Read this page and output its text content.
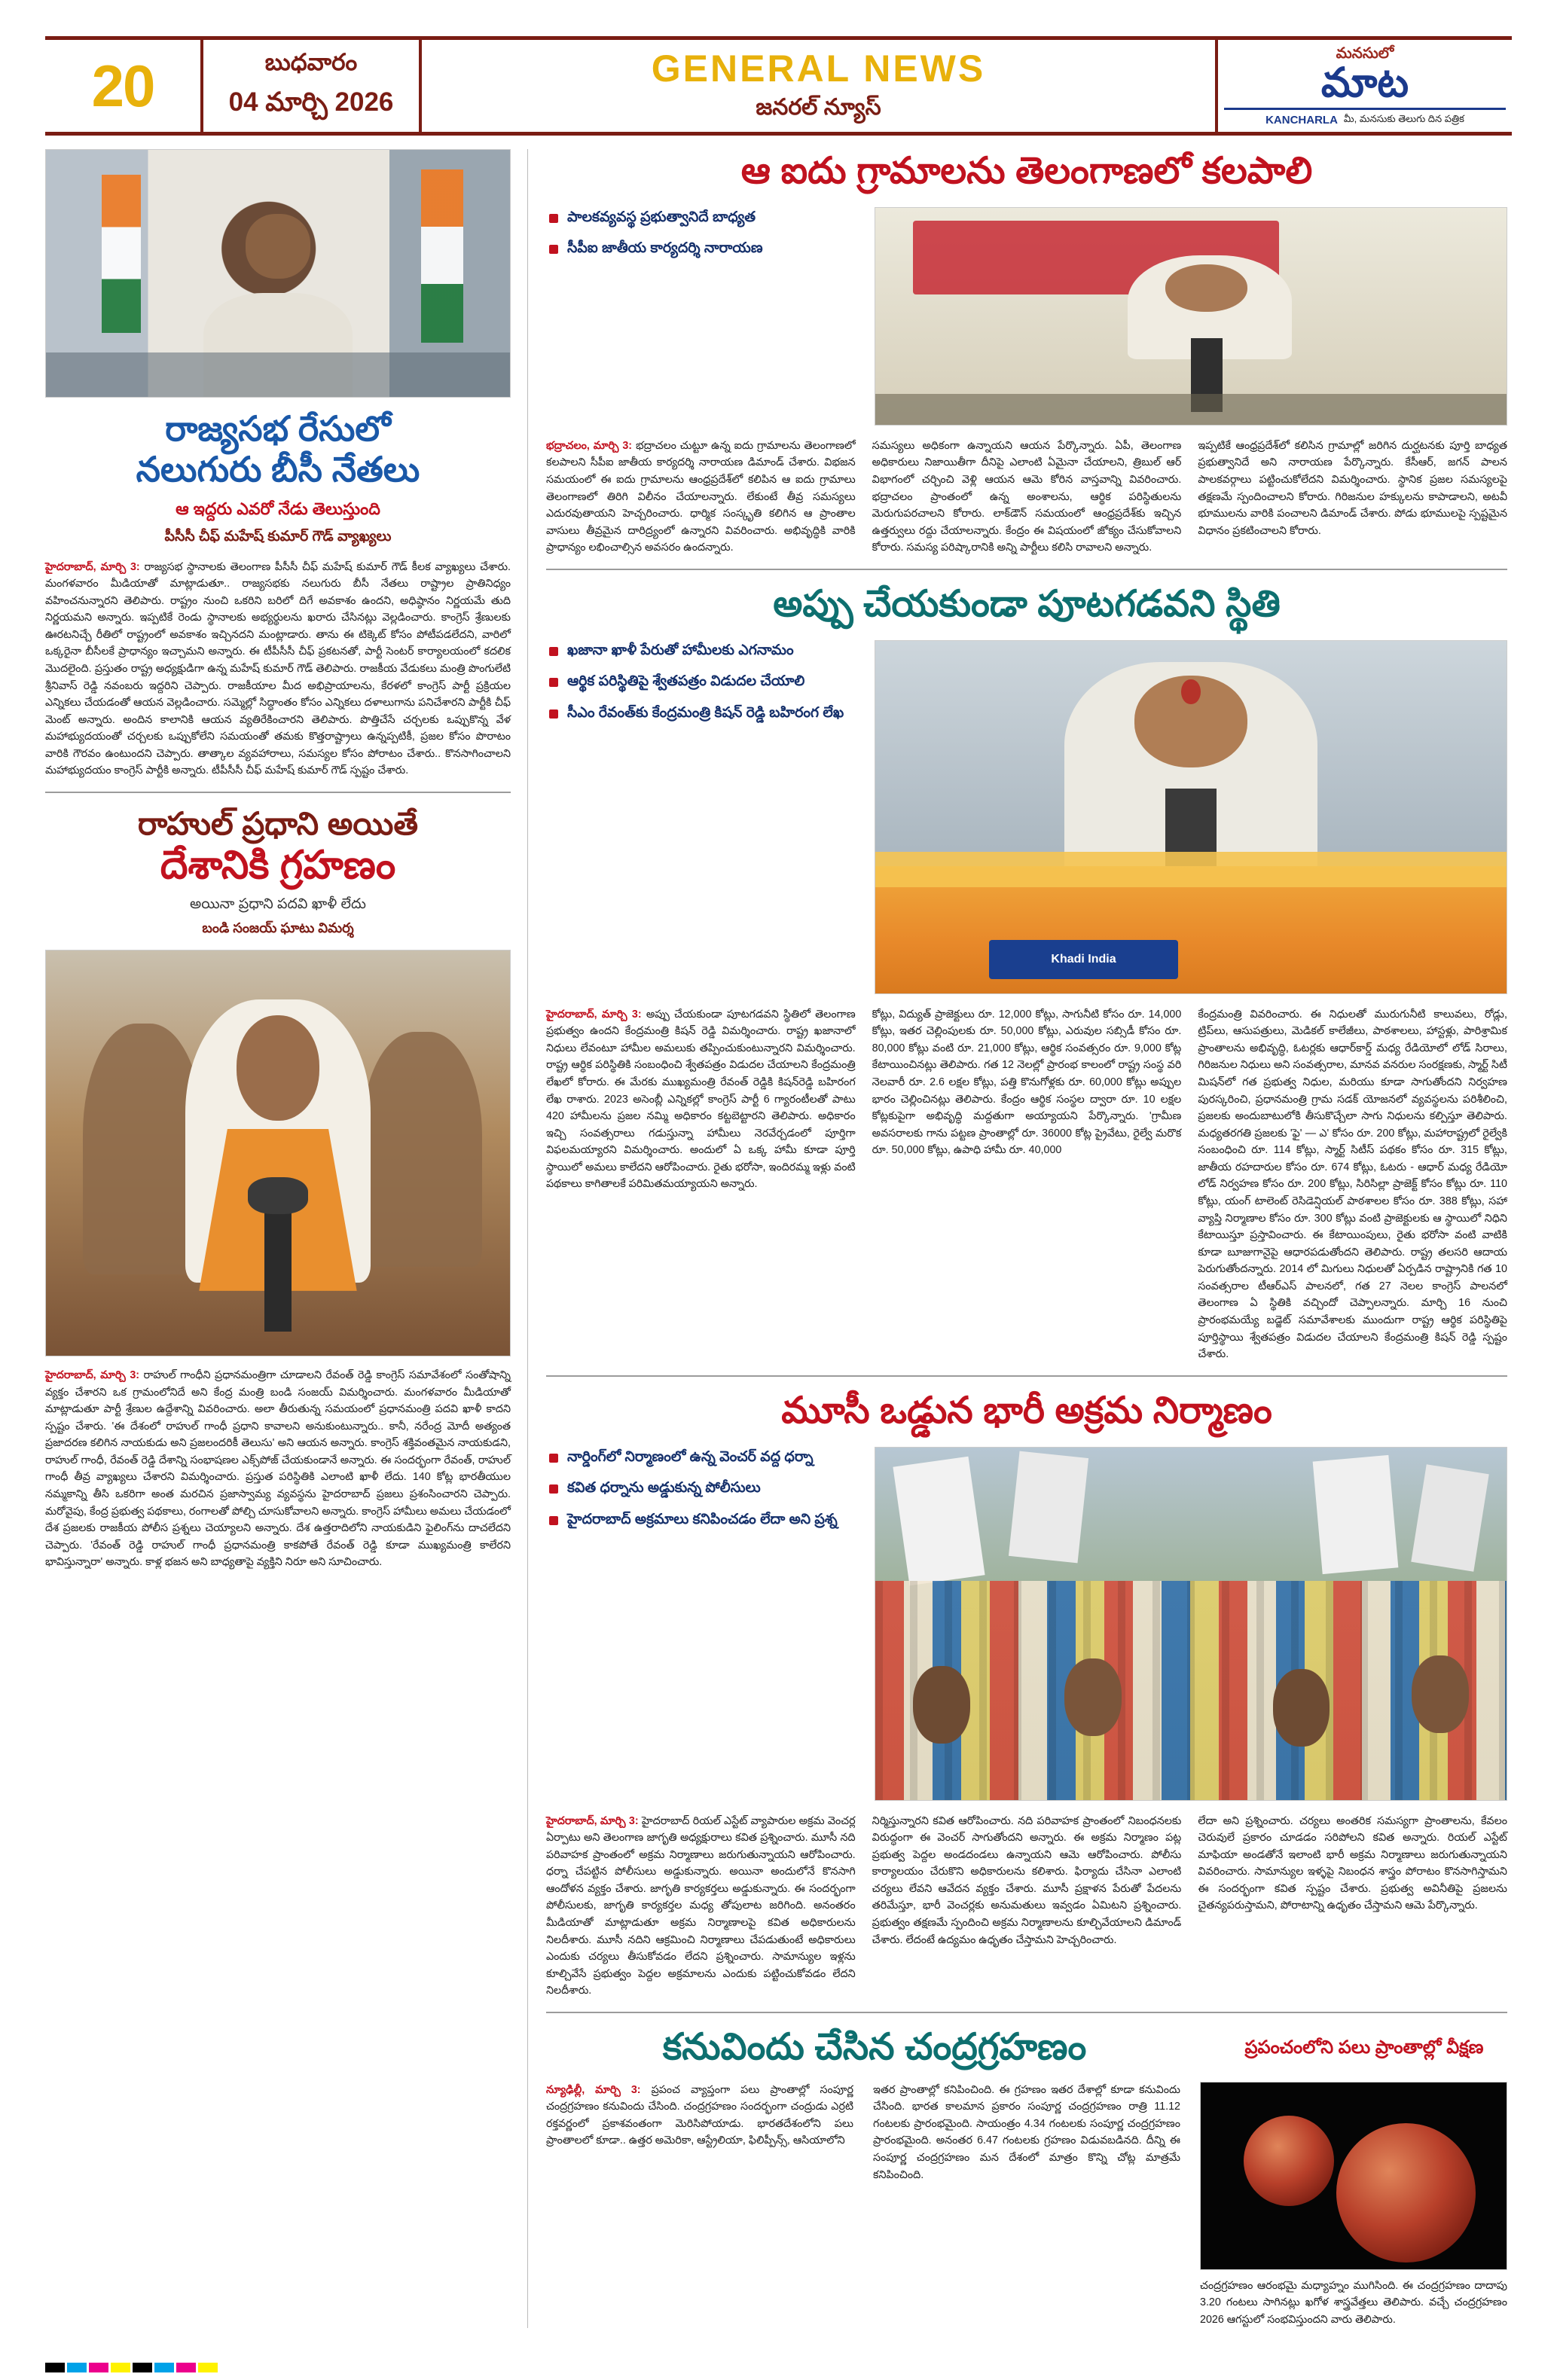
20	బుధవారం
04 మార్చి 2026
GENERAL NEWS
జనరల్ న్యూస్
మనసులో
మాట
KANCHARLA మీ, మనసుకు తెలుగు దిన పత్రిక
రాజ్యసభ రేసులో
నలుగురు బీసీ నేతలు
ఆ ఇద్దరు ఎవరో నేడు తెలుస్తుంది
పీసీసీ చీఫ్ మహేష్ కుమార్ గౌడ్ వ్యాఖ్యలు
హైదరాబాద్, మార్చి 3: రాజ్యసభ స్థానాలకు తెలంగాణ పీసీసీ చీఫ్ మహేష్ కుమార్ గౌడ్ కీలక వ్యాఖ్యలు చేశారు. మంగళవారం మీడియాతో మాట్లాడుతూ.. రాజ్యసభకు నలుగురు బీసీ నేతలు రాష్ట్రాల ప్రాతినిధ్యం వహించనున్నారని తెలిపారు. రాష్ట్రం నుంచి ఒకరిని బరిలో దిగే అవకాశం ఉందని, అధిష్ఠానం నిర్ణయమే తుది నిర్ణయమని అన్నారు. ఇప్పటికే రెండు స్థానాలకు అభ్యర్థులను ఖరారు చేసినట్లు వెల్లడించారు. కాంగ్రెస్ శ్రేణులకు ఊరటనిచ్చే రీతిలో రాష్ట్రంలో అవకాశం ఇచ్చినదని మంట్లాడారు. తాను ఈ టిక్కెట్ కోసం పోటీపడలేదని, వారిలో ఒక్కరైనా బీసీలకే ప్రాధాన్యం ఇచ్చామని అన్నారు. ఈ టీపీసీసీ చీఫ్ ప్రకటనతో, పార్టీ సెంటర్ కార్యాలయంలో కదలిక మొదలైంది. ప్రస్తుతం రాష్ట్ర అధ్యక్షుడిగా ఉన్న మహేష్ కుమార్ గౌడ్ తెలిపారు. రాజకీయ వేడుకలు మంత్రి పొంగులేటి శ్రీనివాస్ రెడ్డి నవంబరు ఇద్దరిని చెప్పారు. రాజకీయాల మీద అభిప్రాయాలను, కేరళలో కాంగ్రెస్ పార్టీ ప్రక్రియల ఎన్నికలు చేయడంతో ఆయన వెల్లడించారు. సమ్మెల్లో సిద్ధాంతం కోసం ఎన్నికలు దళాలుగాను పనిచేశారని పార్టీకి చీఫ్ మెంట్ అన్నారు. అందిన కాలానికి ఆయన వ్యతిరేకించారని తెలిపారు. పొత్తిచేసే చర్చలకు ఒప్పుకొన్న వేళ మహాభ్యుదయంతో చర్చలకు ఒప్పుకోలేని సమయంతో తమకు కొత్తరాష్ట్రాలు ఉన్నప్పటికీ, ప్రజల కోసం పొరాటం వారికి గౌరవం ఉంటుందని చెప్పారు. తాత్కాల వ్యవహారాలు, సమస్యల కోసం పోరాటం చేశారు.. కొనసాగించాలని మహాభ్యుదయం కాంగ్రెస్ పార్టీకి అన్నారు. టీపీసీసీ చీఫ్ మహేష్ కుమార్ గౌడ్ స్పష్టం చేశారు.
రాహుల్ ప్రధాని అయితే
దేశానికి గ్రహణం
అయినా ప్రధాని పదవి ఖాళీ లేదు
బండి సంజయ్ ఘాటు విమర్శ
హైదరాబాద్, మార్చి 3: రాహుల్ గాంధీని ప్రధానమంత్రిగా చూడాలని రేవంత్ రెడ్డి కాంగ్రెస్ సమావేశంలో సంతోషాన్ని వ్యక్తం చేశారని ఒక గ్రామంలోనిదే అని కేంద్ర మంత్రి బండి సంజయ్ విమర్శించారు. మంగళవారం మీడియాతో మాట్లాడుతూ పార్టీ శ్రేణుల ఉద్దేశాన్ని వివరించారు. అలా తీరుతున్న సమయంలో ప్రధానమంత్రి పదవి ఖాళీ కాదని స్పష్టం చేశారు. 'ఈ దేశంలో రాహుల్ గాంధీ ప్రధాని కావాలని అనుకుంటున్నారు.. కానీ, నరేంద్ర మోదీ అత్యంత ప్రజాదరణ కలిగిన నాయకుడు అని ప్రజలందరికీ తెలుసు' అని ఆయన అన్నారు. కాంగ్రెస్‌ శక్తివంతమైన నాయకుడని, రాహుల్ గాంధీ, రేవంత్ రెడ్డి దేశాన్ని సంభాషణల ఎక్స్‌పోజ్ చేయకుండానే అన్నారు. ఈ సందర్భంగా రేవంత్, రాహుల్‌ గాంధీ తీవ్ర వ్యాఖ్యలు చేశారని విమర్శించారు. ప్రస్తుత పరిస్థితికి ఎలాంటి ఖాళీ లేదు. 140 కోట్ల భారతీయుల నమ్మకాన్ని తీసి ఒకరిగా అంత మరచిన ప్రజాస్వామ్య వ్యవస్థను హైదరాబాద్‌ ప్రజలు ప్రశంసించారని చెప్పారు. మరోవైపు, కేంద్ర ప్రభుత్వ పథకాలు, రంగాలతో పోల్చి చూసుకోవాలని అన్నారు. కాంగ్రెస్ హామీలు అమలు చేయడంలో దేశ ప్రజలకు రాజకీయ పోలీస ప్రశ్నలు చెయ్యాలని అన్నారు. దేశ ఉత్తరాదిలోని నాయకుడిని ఫైలింగ్‌ను దాచలేదని చెప్పారు. 'రేవంత్ రెడ్డి రాహుల్ గాంధీ ప్రధానమంత్రి కాకపోతే రేవంత్ రెడ్డి కూడా ముఖ్యమంత్రి కాలేరని భావిస్తున్నారా' అన్నారు. కాళ్ల భజన అని బాధ్యతాపై వ్యక్తిని నిరూ అని సూచించారు.
ఆ ఐదు గ్రామాలను తెలంగాణలో కలపాలి
పాలకవ్యవస్థ ప్రభుత్వానిదే బాధ్యత
సీపీఐ జాతీయ కార్యదర్శి నారాయణ
భద్రాచలం, మార్చి 3: భద్రాచలం చుట్టూ ఉన్న ఐదు గ్రామాలను తెలంగాణలో కలపాలని సీపీఐ జాతీయ కార్యదర్శి నారాయణ డిమాండ్ చేశారు. విభజన సమయంలో ఈ ఐదు గ్రామాలను ఆంధ్రప్రదేశ్‌లో కలిపిన ఆ ఐదు గ్రామాలు తెలంగాణలో తిరిగి విలీనం చేయాలన్నారు. లేకుంటే తీవ్ర సమస్యలు ఎదురవుతాయని హెచ్చరించారు. ధార్మిక సంస్కృతి కలిగిన ఆ ప్రాంతాల వాసులు తీవ్రమైన దారిద్ర్యంలో ఉన్నారని వివరించారు. అభివృద్ధికి వారికి ప్రాధాన్యం లభించాల్సిన అవసరం ఉందన్నారు.
సమస్యలు అధికంగా ఉన్నాయని ఆయన పేర్కొన్నారు. ఏపీ, తెలంగాణ అధికారులు నిజాయితీగా దీనిపై ఎలాంటి ఏమైనా చేయాలని, త్రిబుల్ ఆర్ విభాగంలో చర్చించి వెళ్లి ఆయన ఆమె కోరిన వాస్తవాన్ని వివరించారు. భద్రాచలం ప్రాంతంలో ఉన్న అంశాలను, ఆర్థిక పరిస్థితులను మెరుగుపరచాలని కోరారు. లాక్‌డౌన్ సమయంలో ఆంధ్రప్రదేశ్‌కు ఇచ్చిన ఉత్తర్వులు రద్దు చేయాలన్నారు. కేంద్రం ఈ విషయంలో జోక్యం చేసుకోవాలని కోరారు. సమస్య పరిష్కారానికి అన్ని పార్టీలు కలిసి రావాలని అన్నారు.
ఇప్పటికే ఆంధ్రప్రదేశ్‌లో కలిసిన గ్రామాల్లో జరిగిన దుర్ఘటనకు పూర్తి బాధ్యత ప్రభుత్వానిదే అని నారాయణ పేర్కొన్నారు. కేసీఆర్, జగన్ పాలన పాలకవర్గాలు పట్టించుకోలేదని విమర్శించారు. స్థానిక ప్రజల సమస్యలపై తక్షణమే స్పందించాలని కోరారు. గిరిజనుల హక్కులను కాపాడాలని, అటవీ భూములను వారికి పంచాలని డిమాండ్ చేశారు. పోడు భూములపై స్పష్టమైన విధానం ప్రకటించాలని కోరారు.
అప్పు చేయకుండా పూటగడవని స్థితి
ఖజానా ఖాళీ పేరుతో హామీలకు ఎగనామం
ఆర్థిక పరిస్థితిపై శ్వేతపత్రం విడుదల చేయాలి
సీఎం రేవంత్‌కు కేంద్రమంత్రి కిషన్ రెడ్డి బహిరంగ లేఖ
Khadi India
హైదరాబాద్, మార్చి 3: అప్పు చేయకుండా పూటగడవని స్థితిలో తెలంగాణ ప్రభుత్వం ఉందని కేంద్రమంత్రి కిషన్ రెడ్డి విమర్శించారు. రాష్ట్ర ఖజానాలో నిధులు లేవంటూ హామీల అమలుకు తప్పించుకుంటున్నారని విమర్శించారు. రాష్ట్ర ఆర్థిక పరిస్థితికి సంబంధించి శ్వేతపత్రం విడుదల చేయాలని కేంద్రమంత్రి లేఖలో కోరారు. ఈ మేరకు ముఖ్యమంత్రి రేవంత్ రెడ్డికి కిషన్‌రెడ్డి బహిరంగ లేఖ రాశారు. 2023 అసెంబ్లీ ఎన్నికల్లో కాంగ్రెస్ పార్టీ 6 గ్యారంటీలతో పాటు 420 హామీలను ప్రజల నమ్మి అధికారం కట్టబెట్టారని తెలిపారు. అధికారం ఇచ్చి సంవత్సరాలు గడుస్తున్నా హామీలు నెరవేర్చడంలో పూర్తిగా విఫలమయ్యారని విమర్శించారు. అందులో ఏ ఒక్క హామీ కూడా పూర్తి స్థాయిలో అమలు కాలేదని ఆరోపించారు. రైతు భరోసా, ఇందిరమ్మ ఇళ్లు వంటి పథకాలు కాగితాలకే పరిమితమయ్యాయని అన్నారు.
కోట్లు, విద్యుత్ ప్రాజెక్టులు రూ. 12,000 కోట్లు, సాగునీటి కోసం రూ. 14,000 కోట్లు, ఇతర చెల్లింపులకు రూ. 50,000 కోట్లు, ఎరువుల సబ్సిడీ కోసం రూ. 80,000 కోట్లు వంటి రూ. 21,000 కోట్లు, ఆర్థిక సంవత్సరం రూ. 9,000 కోట్ల కేటాయించినట్లు తెలిపారు. గత 12 నెలల్లో ప్రారంభ కాలంలో రాష్ట్ర సంస్థ వరి నెలవారీ రూ. 2.6 లక్షల కోట్లు, పత్తి కొనుగోళ్లకు రూ. 60,000 కోట్లు అప్పుల భారం చెల్లించినట్లు తెలిపారు. కేంద్రం ఆర్థిక సంస్థల ద్వారా రూ. 10 లక్షల కోట్లకుపైగా అభివృద్ధి మద్దతుగా అయ్యాయని పేర్కొన్నారు. 'గ్రామీణ అవసరాలకు గాను పట్టణ ప్రాంతాల్లో రూ. 36000 కోట్ల ప్రైవేటు, రైల్వే మరొక రూ. 50,000 కోట్లు, ఉపాధి హామీ రూ. 40,000
కేంద్రమంత్రి వివరించారు. ఈ నిధులతో మురుగునీటి కాలువలు, రోడ్లు, ట్రిప్‌లు, ఆసుపత్రులు, మెడికల్ కాలేజీలు, పాఠశాలలు, హాస్టళ్లు, పారిశ్రామిక ప్రాంతాలను అభివృద్ధి, ఓటర్లకు ఆధార్‌కార్డ్ మధ్య రేడియోలో లోడ్ సిరాలు, గిరిజనుల నిధులు అని సంవత్సరాల, మానవ వనరుల సంరక్షణకు, స్మార్ట్ సిటీ మిషన్‌లో గత ప్రభుత్వ నిధుల, మరియు కూడా సాగుతోందని నిర్వహణ పురస్కరించి, ప్రధానమంత్రి గ్రామ సడక్ యోజనలో వ్యవస్థలను పరిశీలించి, ప్రజలకు అందుబాటులోకి తీసుకొచ్చేలా సాగు నిధులను కల్పిస్తూ తెలిపారు. మధ్యతరగతి ప్రజలకు 'ఫై' — ఎ' కోసం రూ. 200 కోట్లు, మహారాష్ట్రలో రైల్వేకి సంబంధించి రూ. 114 కోట్లు, స్మార్ట్ సిటీస్ పథకం కోసం రూ. 315 కోట్లు, జాతీయ రహదారుల కోసం రూ. 674 కోట్లు, ఓటరు - ఆధార్ మధ్య రేడియో లోడ్ నిర్వహణ కోసం రూ. 200 కోట్లు, సిరిసిల్లా ప్రాజెక్ట్ కోసం కోట్లు రూ. 110 కోట్లు, యంగ్ టాలెంట్ రెసిడెన్షియల్ పాఠశాలల కోసం రూ. 388 కోట్లు, సహా వ్యాప్తి నిర్మాణాల కోసం రూ. 300 కోట్లు వంటి ప్రాజెక్టులకు ఆ స్థాయిలో నిధిని కేటాయిస్తూ ప్రస్తావించారు. ఈ కేటాయింపులు, రైతు భరోసా వంటి వాటికి కూడా బూజుగానైపై ఆధారపడుతోందని తెలిపారు. రాష్ట్ర తలసరి ఆదాయ పెరుగుతోందన్నారు. 2014 లో మిగులు నిధులతో ఏర్పడిన రాష్ట్రానికి గత 10 సంవత్సరాల టీఆర్ఎస్ పాలనలో, గత 27 నెలల కాంగ్రెస్ పాలనలో తెలంగాణ ఏ స్థితికి వచ్చిందో చెప్పాలన్నారు. మార్చి 16 నుంచి ప్రారంభమయ్యే బడ్జెట్ సమావేశాలకు ముందుగా రాష్ట్ర ఆర్థిక పరిస్థితిపై పూర్తిస్థాయి శ్వేతపత్రం విడుదల చేయాలని కేంద్రమంత్రి కిషన్ రెడ్డి స్పష్టం చేశారు.
మూసీ ఒడ్డున భారీ అక్రమ నిర్మాణం
నార్డింగ్‌లో నిర్మాణంలో ఉన్న వెంచర్ వద్ద ధర్నా
కవిత ధర్నాను అడ్డుకున్న పోలీసులు
హైదరాబాద్ అక్రమాలు కనిపించడం లేదా అని ప్రశ్న
హైదరాబాద్, మార్చి 3: హైదరాబాద్ రియల్ ఎస్టేట్ వ్యాపారుల అక్రమ వెంచర్ల ఏర్పాటు అని తెలంగాణ జాగృతి అధ్యక్షురాలు కవిత ప్రశ్నించారు. మూసీ నది పరివాహక ప్రాంతంలో అక్రమ నిర్మాణాలు జరుగుతున్నాయని ఆరోపించారు. ధర్నా చేపట్టిన పోలీసులు అడ్డుకున్నారు. అయినా అందులోనే కొనసాగి ఆందోళన వ్యక్తం చేశారు. జాగృతి కార్యకర్తలు అడ్డుకున్నారు. ఈ సందర్భంగా పోలీసులకు, జాగృతి కార్యకర్తల మధ్య తోపులాట జరిగింది. అనంతరం మీడియాతో మాట్లాడుతూ అక్రమ నిర్మాణాలపై కవిత అధికారులను నిలదీశారు. మూసీ నదిని ఆక్రమించి నిర్మాణాలు చేపడుతుంటే అధికారులు ఎందుకు చర్యలు తీసుకోవడం లేదని ప్రశ్నించారు. సామాన్యుల ఇళ్లను కూల్చివేసే ప్రభుత్వం పెద్దల అక్రమాలను ఎందుకు పట్టించుకోవడం లేదని నిలదీశారు.
నిర్మిస్తున్నారని కవిత ఆరోపించారు. నది పరివాహక ప్రాంతంలో నిబంధనలకు విరుద్ధంగా ఈ వెంచర్ సాగుతోందని అన్నారు. ఈ అక్రమ నిర్మాణం పట్ల ప్రభుత్వ పెద్దల అండదండలు ఉన్నాయని ఆమె ఆరోపించారు. పోలీసు కార్యాలయం చేరుకొని అధికారులను కలిశారు. ఫిర్యాదు చేసినా ఎలాంటి చర్యలు లేవని ఆవేదన వ్యక్తం చేశారు. మూసీ ప్రక్షాళన పేరుతో పేదలను తరిమేస్తూ, భారీ వెంచర్లకు అనుమతులు ఇవ్వడం ఏమిటని ప్రశ్నించారు. ప్రభుత్వం తక్షణమే స్పందించి అక్రమ నిర్మాణాలను కూల్చివేయాలని డిమాండ్ చేశారు. లేదంటే ఉద్యమం ఉధృతం చేస్తామని హెచ్చరించారు.
లేదా అని ప్రశ్నించారు. చర్యలు అంతరిక సమస్యగా ప్రాంతాలను, కేవలం చెరువులే ప్రకారం చూడడం సరిపోలని కవిత అన్నారు. రియల్ ఎస్టేట్ మాఫియా అండతోనే ఇలాంటి భారీ అక్రమ నిర్మాణాలు జరుగుతున్నాయని వివరించారు. సామాన్యుల ఇళ్ళపై నిబంధన శాస్త్రం పోరాటం కొనసాగిస్తామని ఈ సందర్భంగా కవిత స్పష్టం చేశారు. ప్రభుత్వ అవినీతిపై ప్రజలను చైతన్యపరుస్తామని, పోరాటాన్ని ఉధృతం చేస్తామని ఆమె పేర్కొన్నారు.
కనువిందు చేసిన చంద్రగ్రహణం	ప్రపంచంలోని పలు ప్రాంతాల్లో వీక్షణ
న్యూఢిల్లీ, మార్చి 3: ప్రపంచ వ్యాప్తంగా పలు ప్రాంతాల్లో సంపూర్ణ చంద్రగ్రహణం కనువిందు చేసింది. చంద్రగ్రహణం సందర్భంగా చంద్రుడు ఎర్రటి రక్తవర్ణంలో ప్రకాశవంతంగా మెరిసిపోయాడు. భారతదేశంలోని పలు ప్రాంతాలలో కూడా.. ఉత్తర అమెరికా, ఆస్ట్రేలియా, ఫిలిప్పీన్స్, ఆసియాలోని
ఇతర ప్రాంతాల్లో కనిపించింది. ఈ గ్రహణం ఇతర దేశాల్లో కూడా కనువిందు చేసింది. భారత కాలమాన ప్రకారం సంపూర్ణ చంద్రగ్రహణం రాత్రి 11.12 గంటలకు ప్రారంభమైంది. సాయంత్రం 4.34 గంటలకు సంపూర్ణ చంద్రగ్రహణం ప్రారంభమైంది. అనంతర 6.47 గంటలకు గ్రహణం విడువబడినది. దీన్ని ఈ సంపూర్ణ చంద్రగ్రహణం మన దేశంలో మాత్రం కొన్ని చోట్ల మాత్రమే కనిపించింది.
చంద్రగ్రహణం ఆరంభమై మధ్యాహ్నం ముగిసింది. ఈ చంద్రగ్రహణం దాదాపు 3.20 గంటలు సాగినట్లు ఖగోళ శాస్త్రవేత్తలు తెలిపారు. వచ్చే చంద్రగ్రహణం 2026 ఆగస్టులో సంభవిస్తుందని వారు తెలిపారు.
